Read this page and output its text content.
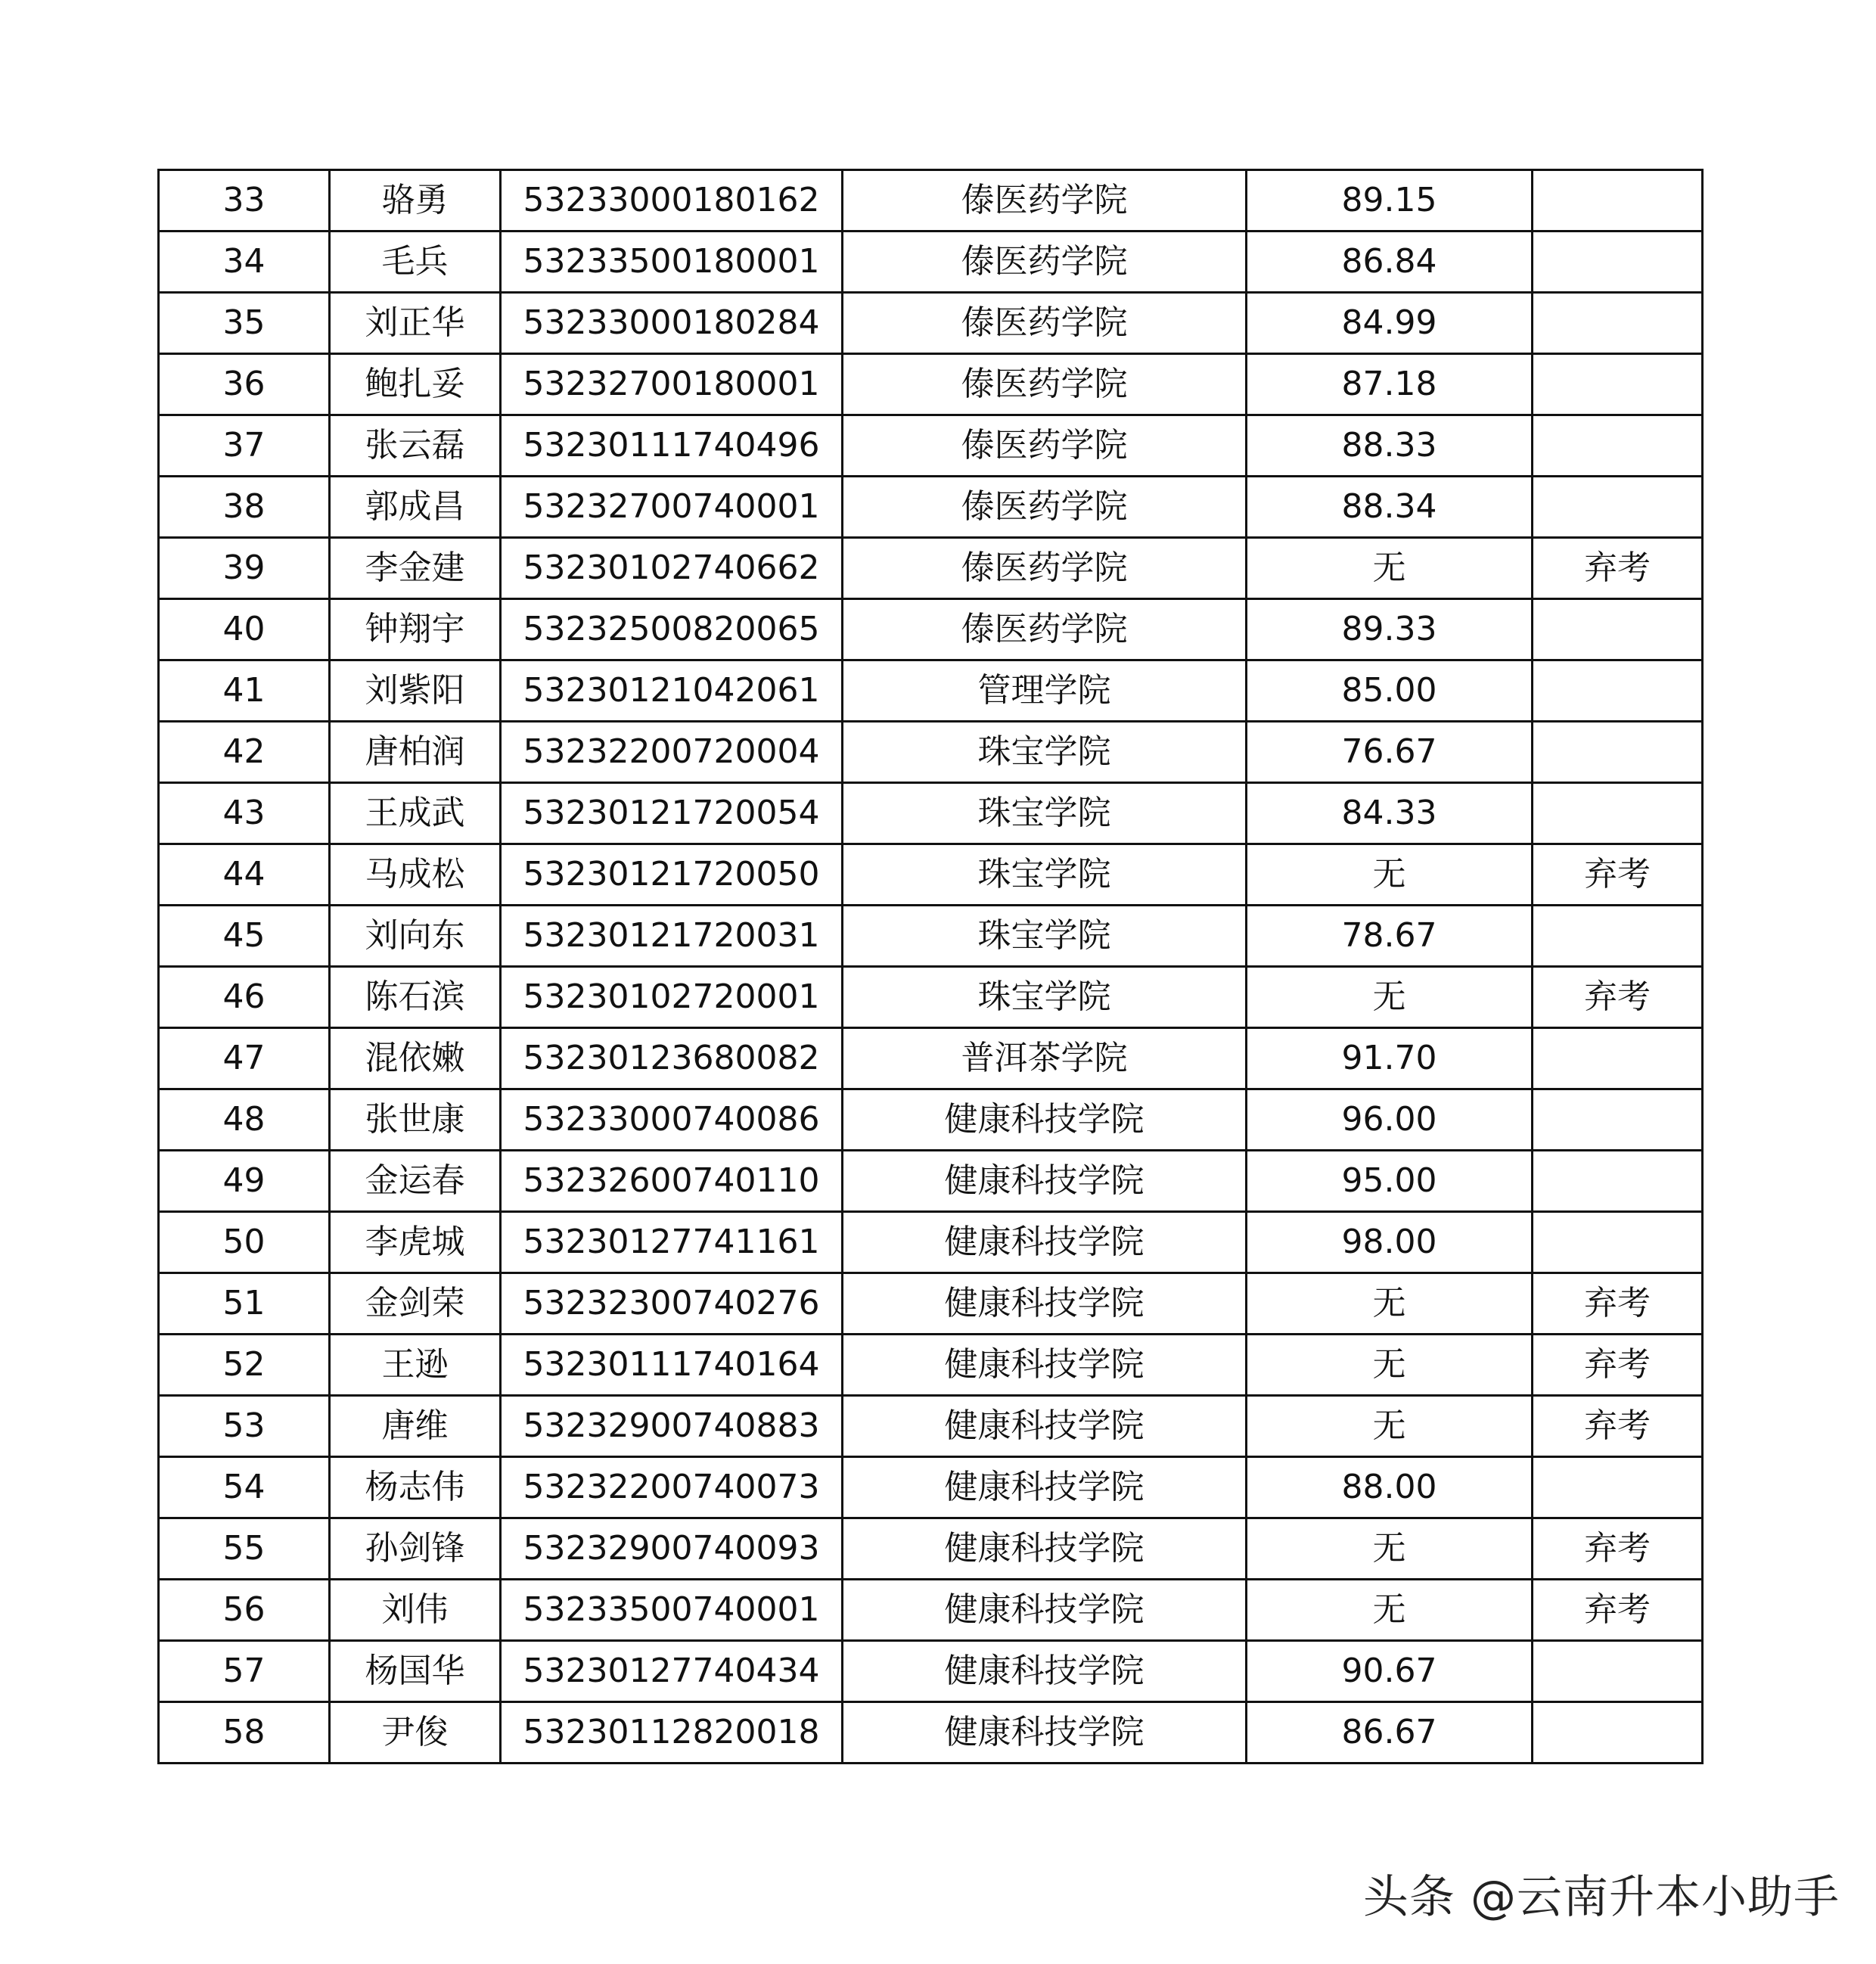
33	骆勇	53233000180162	傣医药学院	89.15	
34	毛兵	53233500180001	傣医药学院	86.84	
35	刘正华	53233000180284	傣医药学院	84.99	
36	鲍扎妥	53232700180001	傣医药学院	87.18	
37	张云磊	53230111740496	傣医药学院	88.33	
38	郭成昌	53232700740001	傣医药学院	88.34	
39	李金建	53230102740662	傣医药学院	无	弃考
40	钟翔宇	53232500820065	傣医药学院	89.33	
41	刘紫阳	53230121042061	管理学院	85.00	
42	唐柏润	53232200720004	珠宝学院	76.67	
43	王成武	53230121720054	珠宝学院	84.33	
44	马成松	53230121720050	珠宝学院	无	弃考
45	刘向东	53230121720031	珠宝学院	78.67	
46	陈石滨	53230102720001	珠宝学院	无	弃考
47	混依嫩	53230123680082	普洱茶学院	91.70	
48	张世康	53233000740086	健康科技学院	96.00	
49	金运春	53232600740110	健康科技学院	95.00	
50	李虎城	53230127741161	健康科技学院	98.00	
51	金剑荣	53232300740276	健康科技学院	无	弃考
52	王逊	53230111740164	健康科技学院	无	弃考
53	唐维	53232900740883	健康科技学院	无	弃考
54	杨志伟	53232200740073	健康科技学院	88.00	
55	孙剑锋	53232900740093	健康科技学院	无	弃考
56	刘伟	53233500740001	健康科技学院	无	弃考
57	杨国华	53230127740434	健康科技学院	90.67	
58	尹俊	53230112820018	健康科技学院	86.67	
头条 @云南升本小助手
